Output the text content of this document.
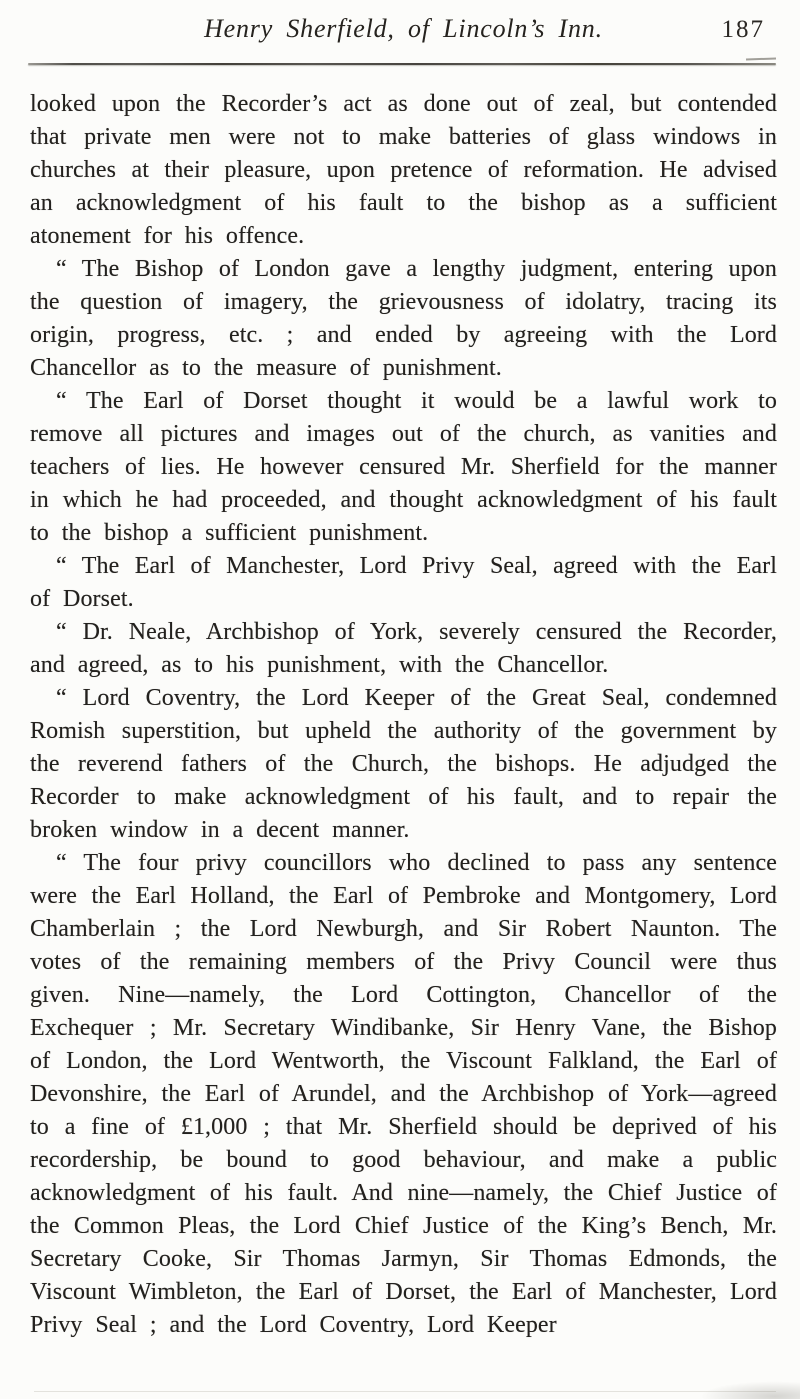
Henry Sherfield, of Lincoln’s Inn.	187

looked upon the Recorder’s act as done out of zeal, but contended that private men were not to make batteries of glass windows in churches at their pleasure, upon pretence of reformation. He advised an acknowledgment of his fault to the bishop as a sufficient atonement for his offence.

“ The Bishop of London gave a lengthy judgment, entering upon the question of imagery, the grievousness of idolatry, tracing its origin, progress, etc. ; and ended by agreeing with the Lord Chancellor as to the measure of punishment.

“ The Earl of Dorset thought it would be a lawful work to remove all pictures and images out of the church, as vanities and teachers of lies. He however censured Mr. Sherfield for the manner in which he had proceeded, and thought acknowledgment of his fault to the bishop a sufficient punishment.

“ The Earl of Manchester, Lord Privy Seal, agreed with the Earl of Dorset.

“ Dr. Neale, Archbishop of York, severely censured the Recorder, and agreed, as to his punishment, with the Chancellor.

“ Lord Coventry, the Lord Keeper of the Great Seal, condemned Romish superstition, but upheld the authority of the government by the reverend fathers of the Church, the bishops. He adjudged the Recorder to make acknowledgment of his fault, and to repair the broken window in a decent manner.

“ The four privy councillors who declined to pass any sentence were the Earl Holland, the Earl of Pembroke and Montgomery, Lord Chamberlain ; the Lord Newburgh, and Sir Robert Naunton. The votes of the remaining members of the Privy Council were thus given. Nine—namely, the Lord Cottington, Chancellor of the Exchequer ; Mr. Secretary Windibanke, Sir Henry Vane, the Bishop of London, the Lord Wentworth, the Viscount Falkland, the Earl of Devonshire, the Earl of Arundel, and the Archbishop of York—agreed to a fine of £1,000 ; that Mr. Sherfield should be deprived of his recordership, be bound to good behaviour, and make a public acknowledgment of his fault. And nine—namely, the Chief Justice of the Common Pleas, the Lord Chief Justice of the King’s Bench, Mr. Secretary Cooke, Sir Thomas Jarmyn, Sir Thomas Edmonds, the Viscount Wimbleton, the Earl of Dorset, the Earl of Manchester, Lord Privy Seal ; and the Lord Coventry, Lord Keeper
